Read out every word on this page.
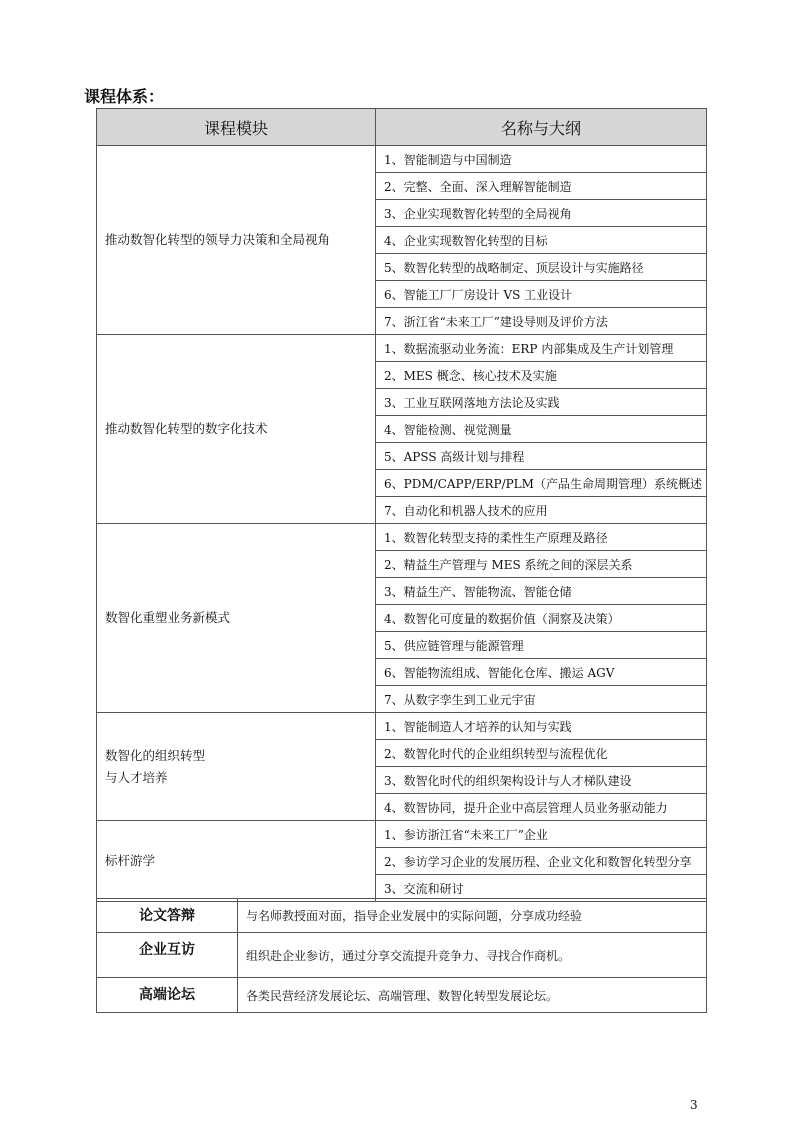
课程体系：
课程模块	名称与大纲

推动数智化转型的领导力决策和全局视角	1、智能制造与中国制造
	2、完整、全面、深入理解智能制造
	3、企业实现数智化转型的全局视角
	4、企业实现数智化转型的目标
	5、数智化转型的战略制定、顶层设计与实施路径
	6、智能工厂厂房设计 VS 工业设计
	7、浙江省“未来工厂”建设导则及评价方法

推动数智化转型的数字化技术	1、数据流驱动业务流：ERP 内部集成及生产计划管理
	2、MES 概念、核心技术及实施
	3、工业互联网落地方法论及实践
	4、智能检测、视觉测量
	5、APSS 高级计划与排程
	6、PDM/CAPP/ERP/PLM（产品生命周期管理）系统概述
	7、自动化和机器人技术的应用

数智化重塑业务新模式	1、数智化转型支持的柔性生产原理及路径
	2、精益生产管理与 MES 系统之间的深层关系
	3、精益生产、智能物流、智能仓储
	4、数智化可度量的数据价值（洞察及决策）
	5、供应链管理与能源管理
	6、智能物流组成、智能化仓库、搬运 AGV
	7、从数字孪生到工业元宇宙

数智化的组织转型
与人才培养	1、智能制造人才培养的认知与实践
	2、数智化时代的企业组织转型与流程优化
	3、数智化时代的组织架构设计与人才梯队建设
	4、数智协同，提升企业中高层管理人员业务驱动能力

标杆游学	1、参访浙江省“未来工厂”企业
	2、参访学习企业的发展历程、企业文化和数智化转型分享
	3、交流和研讨
论文答辩	与名师教授面对面，指导企业发展中的实际问题，分享成功经验
企业互访	组织赴企业参访，通过分享交流提升竞争力、寻找合作商机。
高端论坛	各类民营经济发展论坛、高端管理、数智化转型发展论坛。
3
